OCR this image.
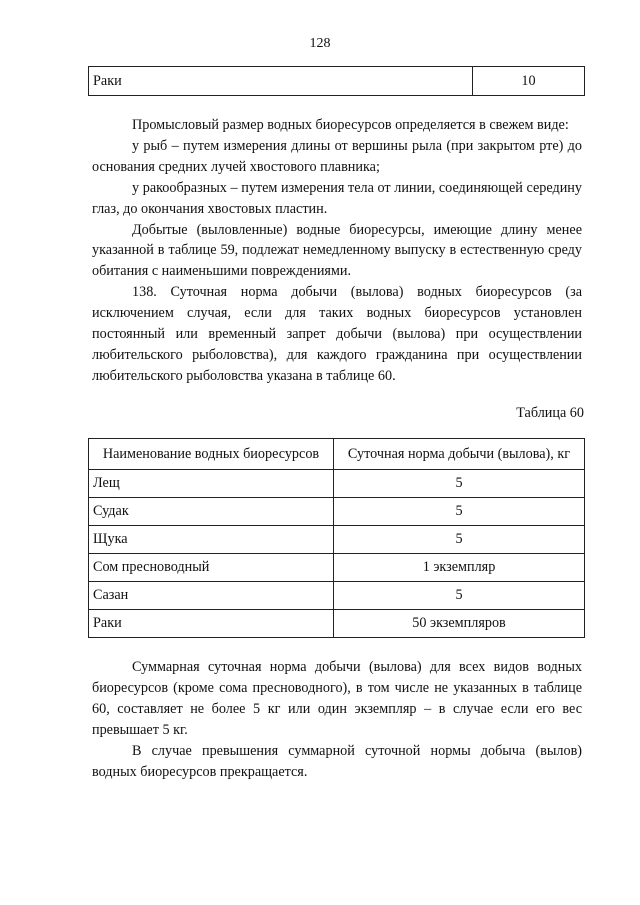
128
Раки	10

Промысловый размер водных биоресурсов определяется в свежем виде:

у рыб – путем измерения длины от вершины рыла (при закрытом рте) до основания средних лучей хвостового плавника;

у ракообразных – путем измерения тела от линии, соединяющей середину глаз, до окончания хвостовых пластин.

Добытые (выловленные) водные биоресурсы, имеющие длину менее указанной в таблице 59, подлежат немедленному выпуску в естественную среду обитания с наименьшими повреждениями.

138. Суточная норма добычи (вылова) водных биоресурсов (за исключением случая, если для таких водных биоресурсов установлен постоянный или временный запрет добычи (вылова) при осуществлении любительского рыболовства), для каждого гражданина при осуществлении любительского рыболовства указана в таблице 60.

Таблица 60
Наименование водных биоресурсов	Суточная норма добычи (вылова), кг
Лещ	5
Судак	5
Щука	5
Сом пресноводный	1 экземпляр
Сазан	5
Раки	50 экземпляров

Суммарная суточная норма добычи (вылова) для всех видов водных биоресурсов (кроме сома пресноводного), в том числе не указанных в таблице 60, составляет не более 5 кг или один экземпляр – в случае если его вес превышает 5 кг.

В случае превышения суммарной суточной нормы добыча (вылов) водных биоресурсов прекращается.
